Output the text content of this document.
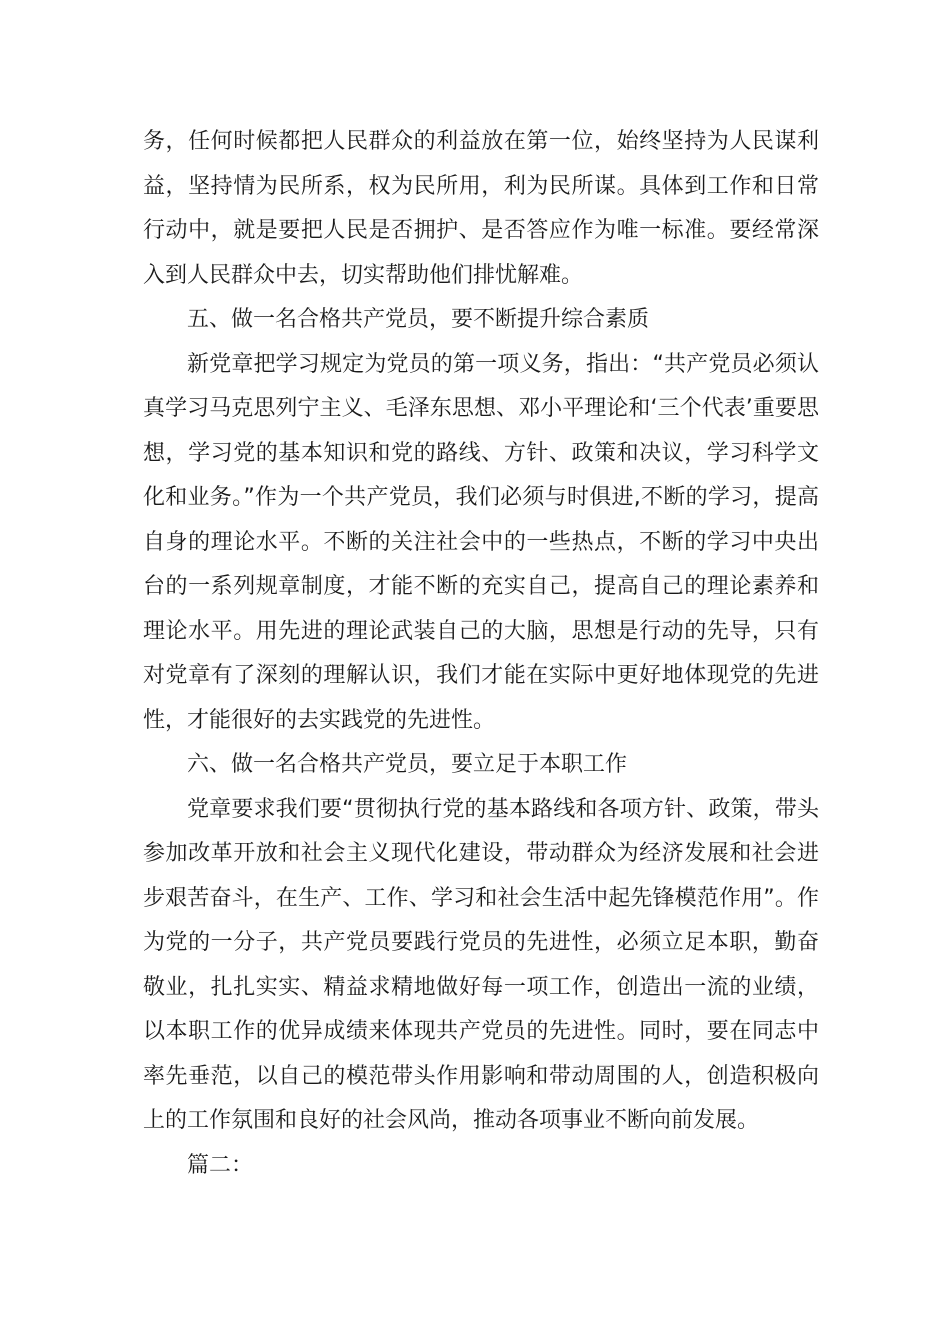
务，任何时候都把人民群众的利益放在第一位，始终坚持为人民谋利益，坚持情为民所系，权为民所用，利为民所谋。具体到工作和日常行动中，就是要把人民是否拥护、是否答应作为唯一标准。要经常深入到人民群众中去，切实帮助他们排忧解难。

五、做一名合格共产党员，要不断提升综合素质

新党章把学习规定为党员的第一项义务，指出：“共产党员必须认真学习马克思列宁主义、毛泽东思想、邓小平理论和‘三个代表’重要思想，学习党的基本知识和党的路线、方针、政策和决议，学习科学文化和业务。”作为一个共产党员，我们必须与时俱进,不断的学习，提高自身的理论水平。不断的关注社会中的一些热点，不断的学习中央出台的一系列规章制度，才能不断的充实自己，提高自己的理论素养和理论水平。用先进的理论武装自己的大脑，思想是行动的先导，只有对党章有了深刻的理解认识，我们才能在实际中更好地体现党的先进性，才能很好的去实践党的先进性。

六、做一名合格共产党员，要立足于本职工作

党章要求我们要“贯彻执行党的基本路线和各项方针、政策，带头参加改革开放和社会主义现代化建设，带动群众为经济发展和社会进步艰苦奋斗，在生产、工作、学习和社会生活中起先锋模范作用”。作为党的一分子，共产党员要践行党员的先进性，必须立足本职，勤奋敬业，扎扎实实、精益求精地做好每一项工作，创造出一流的业绩，以本职工作的优异成绩来体现共产党员的先进性。同时，要在同志中率先垂范，以自己的模范带头作用影响和带动周围的人，创造积极向上的工作氛围和良好的社会风尚，推动各项事业不断向前发展。

篇二：
